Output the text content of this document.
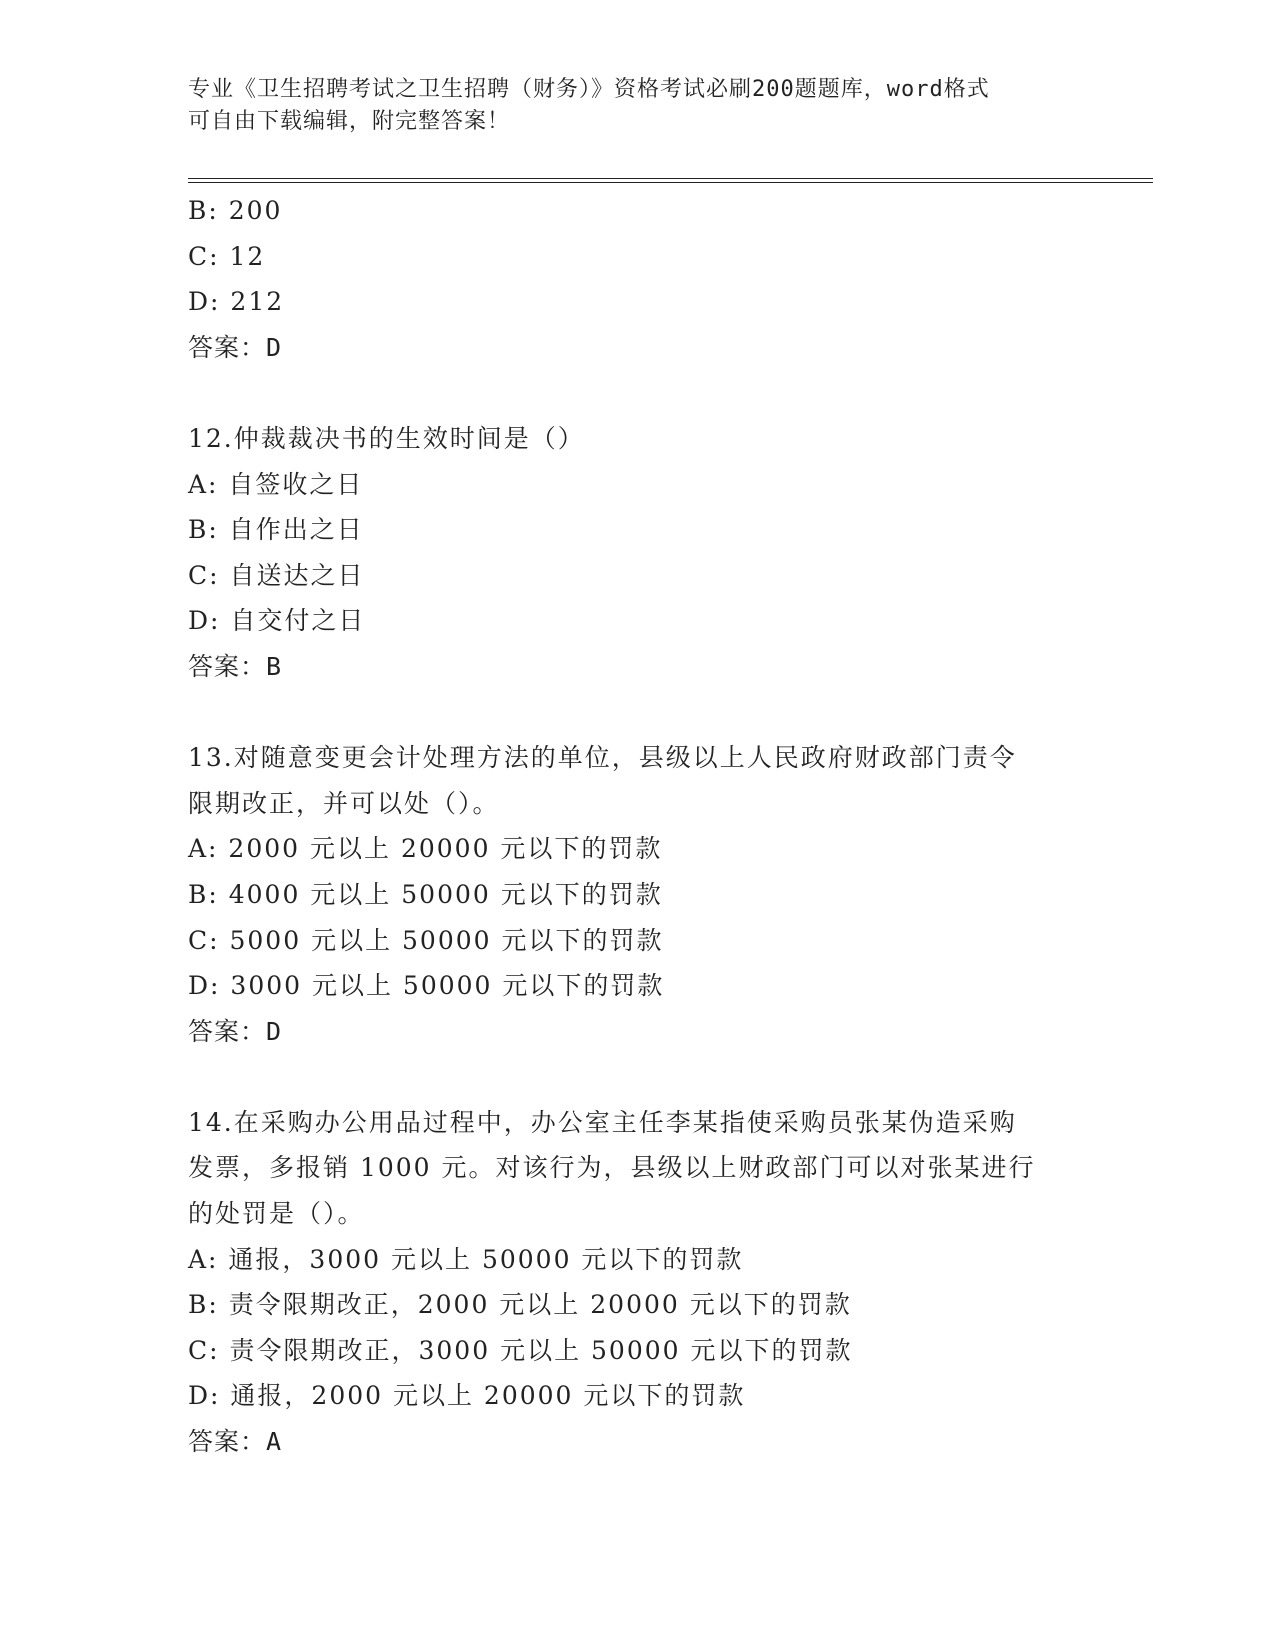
专业《卫生招聘考试之卫生招聘（财务）》资格考试必刷200题题库，word格式
可自由下载编辑，附完整答案！
B: 200
C: 12
D: 212
答案：D
12.仲裁裁决书的生效时间是（）
A: 自签收之日
B: 自作出之日
C: 自送达之日
D: 自交付之日
答案：B
13.对随意变更会计处理方法的单位，县级以上人民政府财政部门责令
限期改正，并可以处（）。
A: 2000 元以上 20000 元以下的罚款
B: 4000 元以上 50000 元以下的罚款
C: 5000 元以上 50000 元以下的罚款
D: 3000 元以上 50000 元以下的罚款
答案：D
14.在采购办公用品过程中，办公室主任李某指使采购员张某伪造采购
发票，多报销 1000 元。对该行为，县级以上财政部门可以对张某进行
的处罚是（）。
A: 通报，3000 元以上 50000 元以下的罚款
B: 责令限期改正，2000 元以上 20000 元以下的罚款
C: 责令限期改正，3000 元以上 50000 元以下的罚款
D: 通报，2000 元以上 20000 元以下的罚款
答案：A
